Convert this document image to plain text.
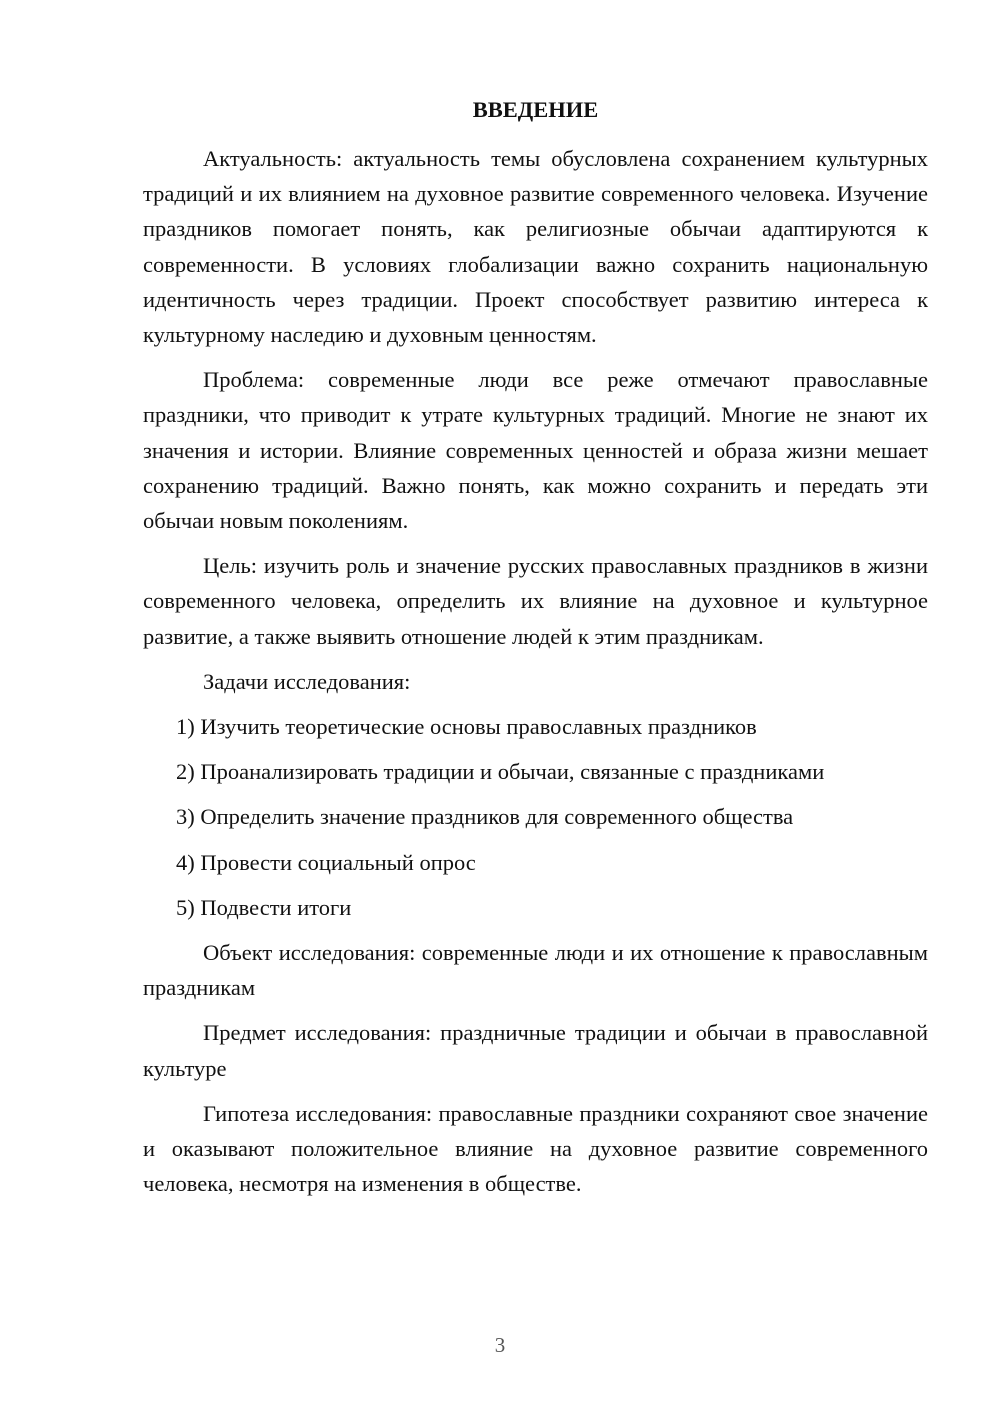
ВВЕДЕНИЕ

Актуальность: актуальность темы обусловлена сохранением культурных традиций и их влиянием на духовное развитие современного человека. Изучение праздников помогает понять, как религиозные обычаи адаптируются к современности. В условиях глобализации важно сохранить национальную идентичность через традиции. Проект способствует развитию интереса к культурному наследию и духовным ценностям.

Проблема: современные люди все реже отмечают православные праздники, что приводит к утрате культурных традиций. Многие не знают их значения и истории. Влияние современных ценностей и образа жизни мешает сохранению традиций. Важно понять, как можно сохранить и передать эти обычаи новым поколениям.

Цель: изучить роль и значение русских православных праздников в жизни современного человека, определить их влияние на духовное и культурное развитие, а также выявить отношение людей к этим праздникам.

Задачи исследования:

1) Изучить теоретические основы православных праздников
2) Проанализировать традиции и обычаи, связанные с праздниками
3) Определить значение праздников для современного общества
4) Провести социальный опрос
5) Подвести итоги

Объект исследования: современные люди и их отношение к православным праздникам

Предмет исследования: праздничные традиции и обычаи в православной культуре

Гипотеза исследования: православные праздники сохраняют свое значение и оказывают положительное влияние на духовное развитие современного человека, несмотря на изменения в обществе.

3
